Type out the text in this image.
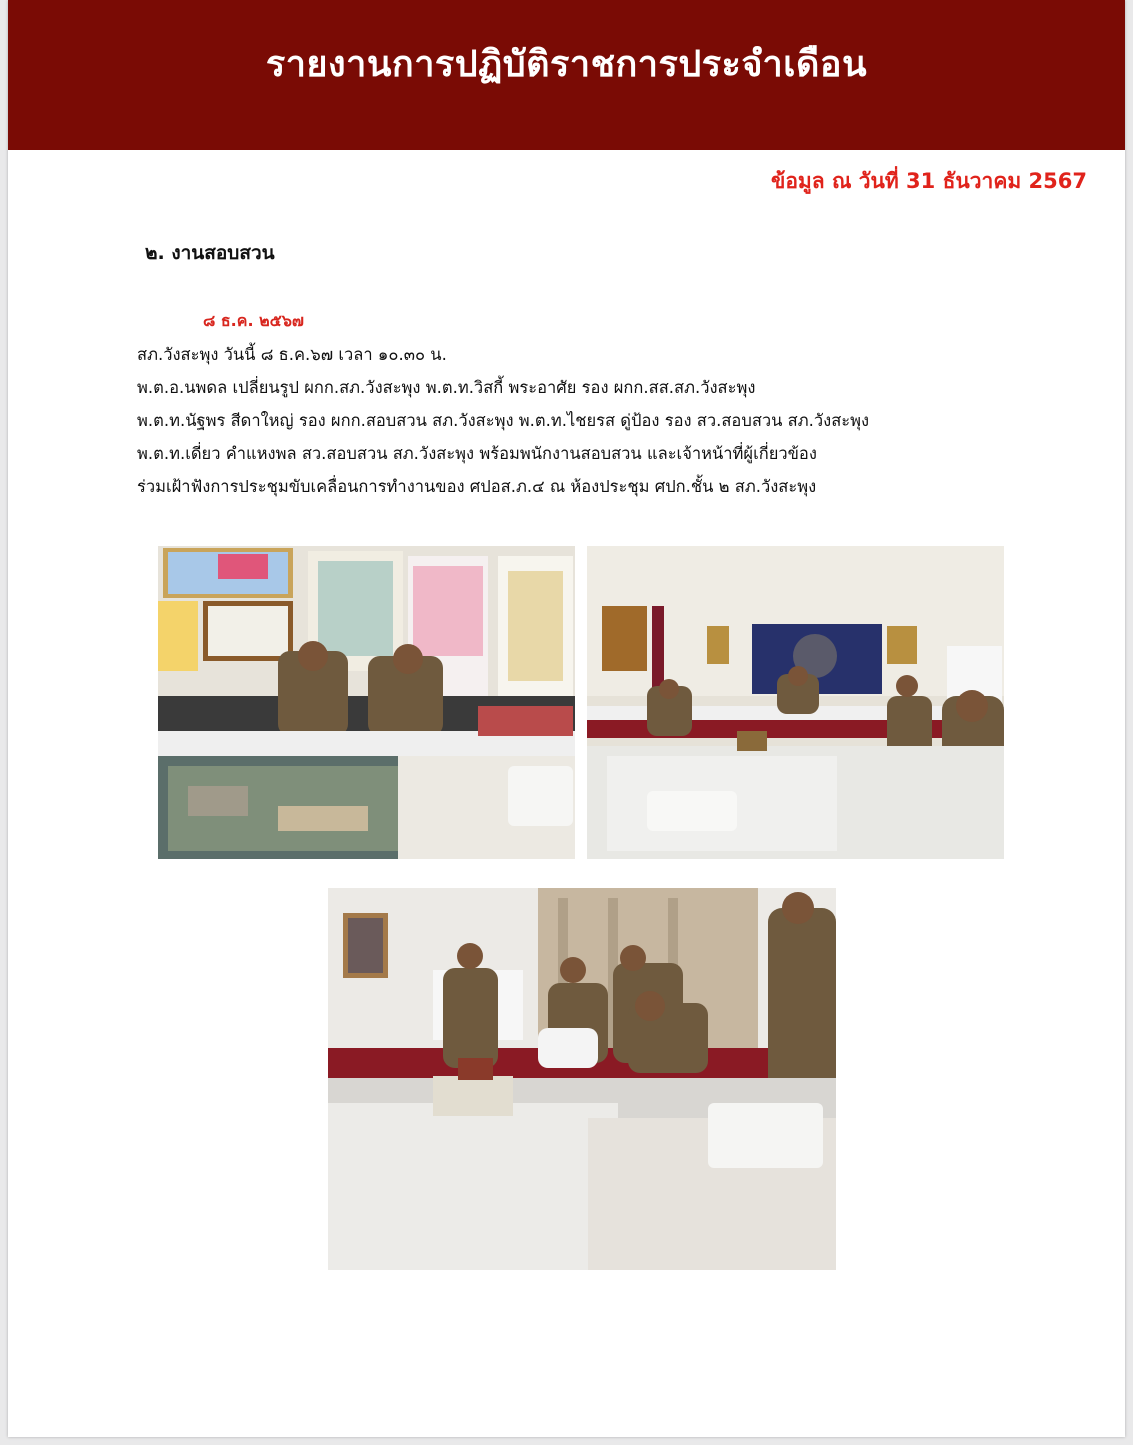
รายงานการปฏิบัติราชการประจำเดือน
ข้อมูล ณ วันที่ 31 ธันวาคม 2567
๒. งานสอบสวน
๘ ธ.ค. ๒๕๖๗
สภ.วังสะพุง วันนี้ ๘ ธ.ค.๖๗ เวลา ๑๐.๓๐ น.
พ.ต.อ.นพดล เปลี่ยนรูป ผกก.สภ.วังสะพุง พ.ต.ท.วิสกี้ พระอาศัย รอง ผกก.สส.สภ.วังสะพุง
พ.ต.ท.นัฐพร สีดาใหญ่ รอง ผกก.สอบสวน สภ.วังสะพุง พ.ต.ท.ไชยรส ดู่ป้อง รอง สว.สอบสวน สภ.วังสะพุง
พ.ต.ท.เดี่ยว คำแหงพล สว.สอบสวน สภ.วังสะพุง พร้อมพนักงานสอบสวน และเจ้าหน้าที่ผู้เกี่ยวข้อง
ร่วมเฝ้าฟังการประชุมขับเคลื่อนการทำงานของ ศปอส.ภ.๔ ณ ห้องประชุม ศปก.ชั้น ๒ สภ.วังสะพุง
